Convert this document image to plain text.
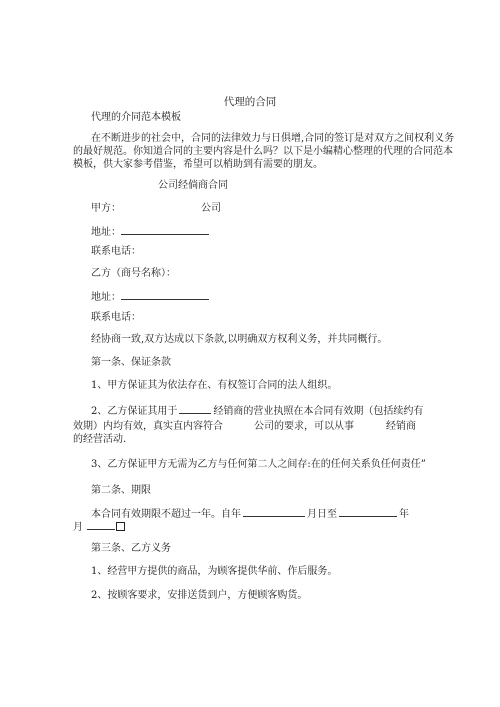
代理的合同
代理的介同范本模板
在不断进步的社会中，合同的法律效力与日俱增,合同的签订是对双方之间权利义务
的最好规范。你知道合同的主要内容是什么吗？以下是小编精心整理的代理的合同范本
模板，供大家参考借鉴，希望可以梢助到有需要的朋友。
公司经倘商合同
甲方：	公司
地址：
联系电话：
乙方（商号名称）：
地址：
联系电话：
经协商一致,双方达成以下条款,以明确双方权利义务，并共同概行。
第一条、保证条款
1、甲方保证其为依法存在、有权签订合同的法人组织。
2、乙方保证其用于	经销商的营业执照在本合同有效期（包括续约有
效期）内均有效，真实直内容符合	公司的要求，可以从事	经销商
的经营活动.
3、乙方保证甲方无需为乙方与任何第二人之间存:在的任何关系负任何责任”
第二条、期限
本合同有效期限不超过一年。自年	月日至	年
月
第三条、乙方义务
1、经营甲方提供的商品，为顾客提供华前、作后服务。
2、按顾客要求，安排送货到户，方便顾客购货。
